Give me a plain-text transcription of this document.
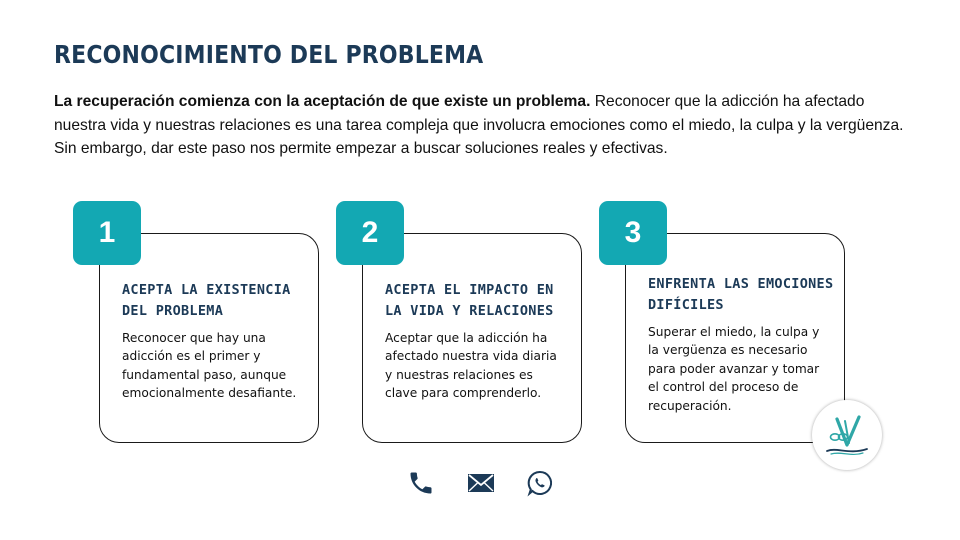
RECONOCIMIENTO DEL PROBLEMA

La recuperación comienza con la aceptación de que existe un problema. Reconocer que la adicción ha afectado nuestra vida y nuestras relaciones es una tarea compleja que involucra emociones como el miedo, la culpa y la vergüenza. Sin embargo, dar este paso nos permite empezar a buscar soluciones reales y efectivas.

ACEPTA LA EXISTENCIA DEL PROBLEMA

Reconocer que hay una adicción es el primer y fundamental paso, aunque emocionalmente desafiante.

1
ACEPTA EL IMPACTO EN LA VIDA Y RELACIONES

Aceptar que la adicción ha afectado nuestra vida diaria y nuestras relaciones es clave para comprenderlo.

2
ENFRENTA LAS EMOCIONES DIFÍCILES

Superar el miedo, la culpa y la vergüenza es necesario para poder avanzar y tomar el control del proceso de recuperación.

3
